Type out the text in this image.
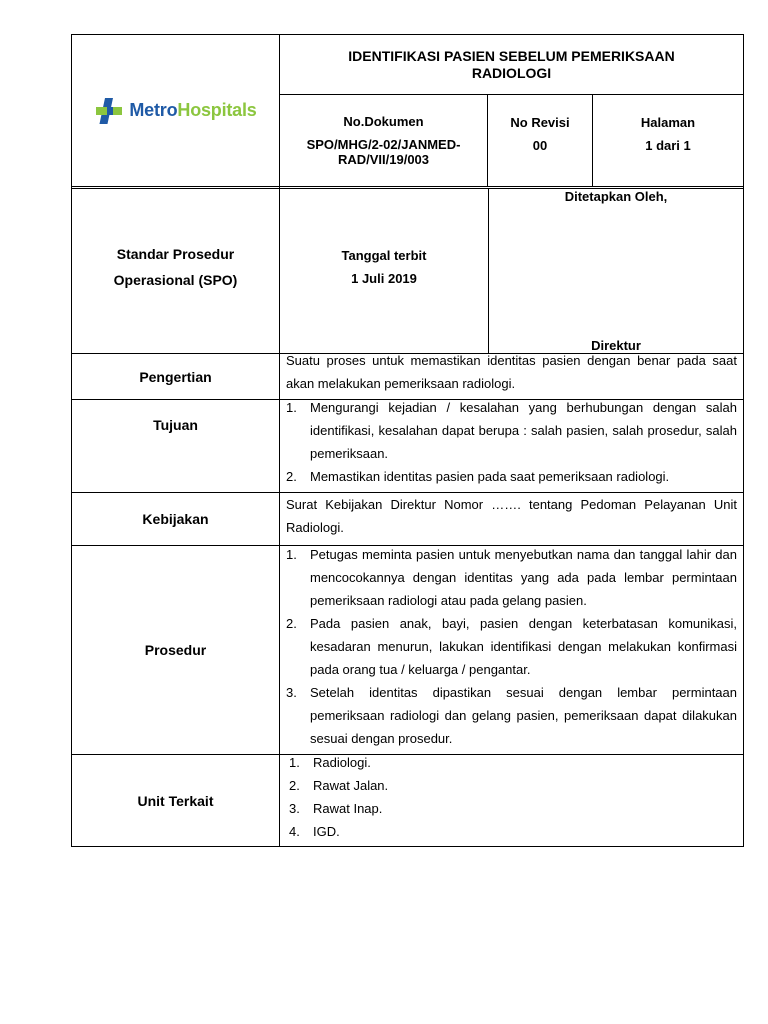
MetroHospitals
IDENTIFIKASI PASIEN SEBELUM PEMERIKSAAN
RADIOLOGI
No.Dokumen
SPO/MHG/2-02/JANMED-
RAD/VII/19/003
No Revisi
00
Halaman
1 dari 1
Standar Prosedur
Operasional (SPO)
Tanggal terbit
1 Juli 2019
Ditetapkan Oleh,
Direktur
Pengertian
Suatu proses untuk memastikan identitas pasien dengan benar pada saat akan melakukan pemeriksaan radiologi.
Tujuan
1. Mengurangi kejadian / kesalahan yang berhubungan dengan salah identifikasi, kesalahan dapat berupa : salah pasien, salah prosedur, salah pemeriksaan.
2. Memastikan identitas pasien pada saat pemeriksaan radiologi.
Kebijakan
Surat Kebijakan Direktur Nomor ……. tentang Pedoman Pelayanan Unit Radiologi.
Prosedur
1. Petugas meminta pasien untuk menyebutkan nama dan tanggal lahir dan mencocokannya dengan identitas yang ada pada lembar permintaan pemeriksaan radiologi atau pada gelang pasien.
2. Pada pasien anak, bayi, pasien dengan keterbatasan komunikasi, kesadaran menurun, lakukan identifikasi dengan melakukan konfirmasi pada orang tua / keluarga / pengantar.
3. Setelah identitas dipastikan sesuai dengan lembar permintaan pemeriksaan radiologi dan gelang pasien, pemeriksaan dapat dilakukan sesuai dengan prosedur.
Unit Terkait
1. Radiologi.
2. Rawat Jalan.
3. Rawat Inap.
4. IGD.
